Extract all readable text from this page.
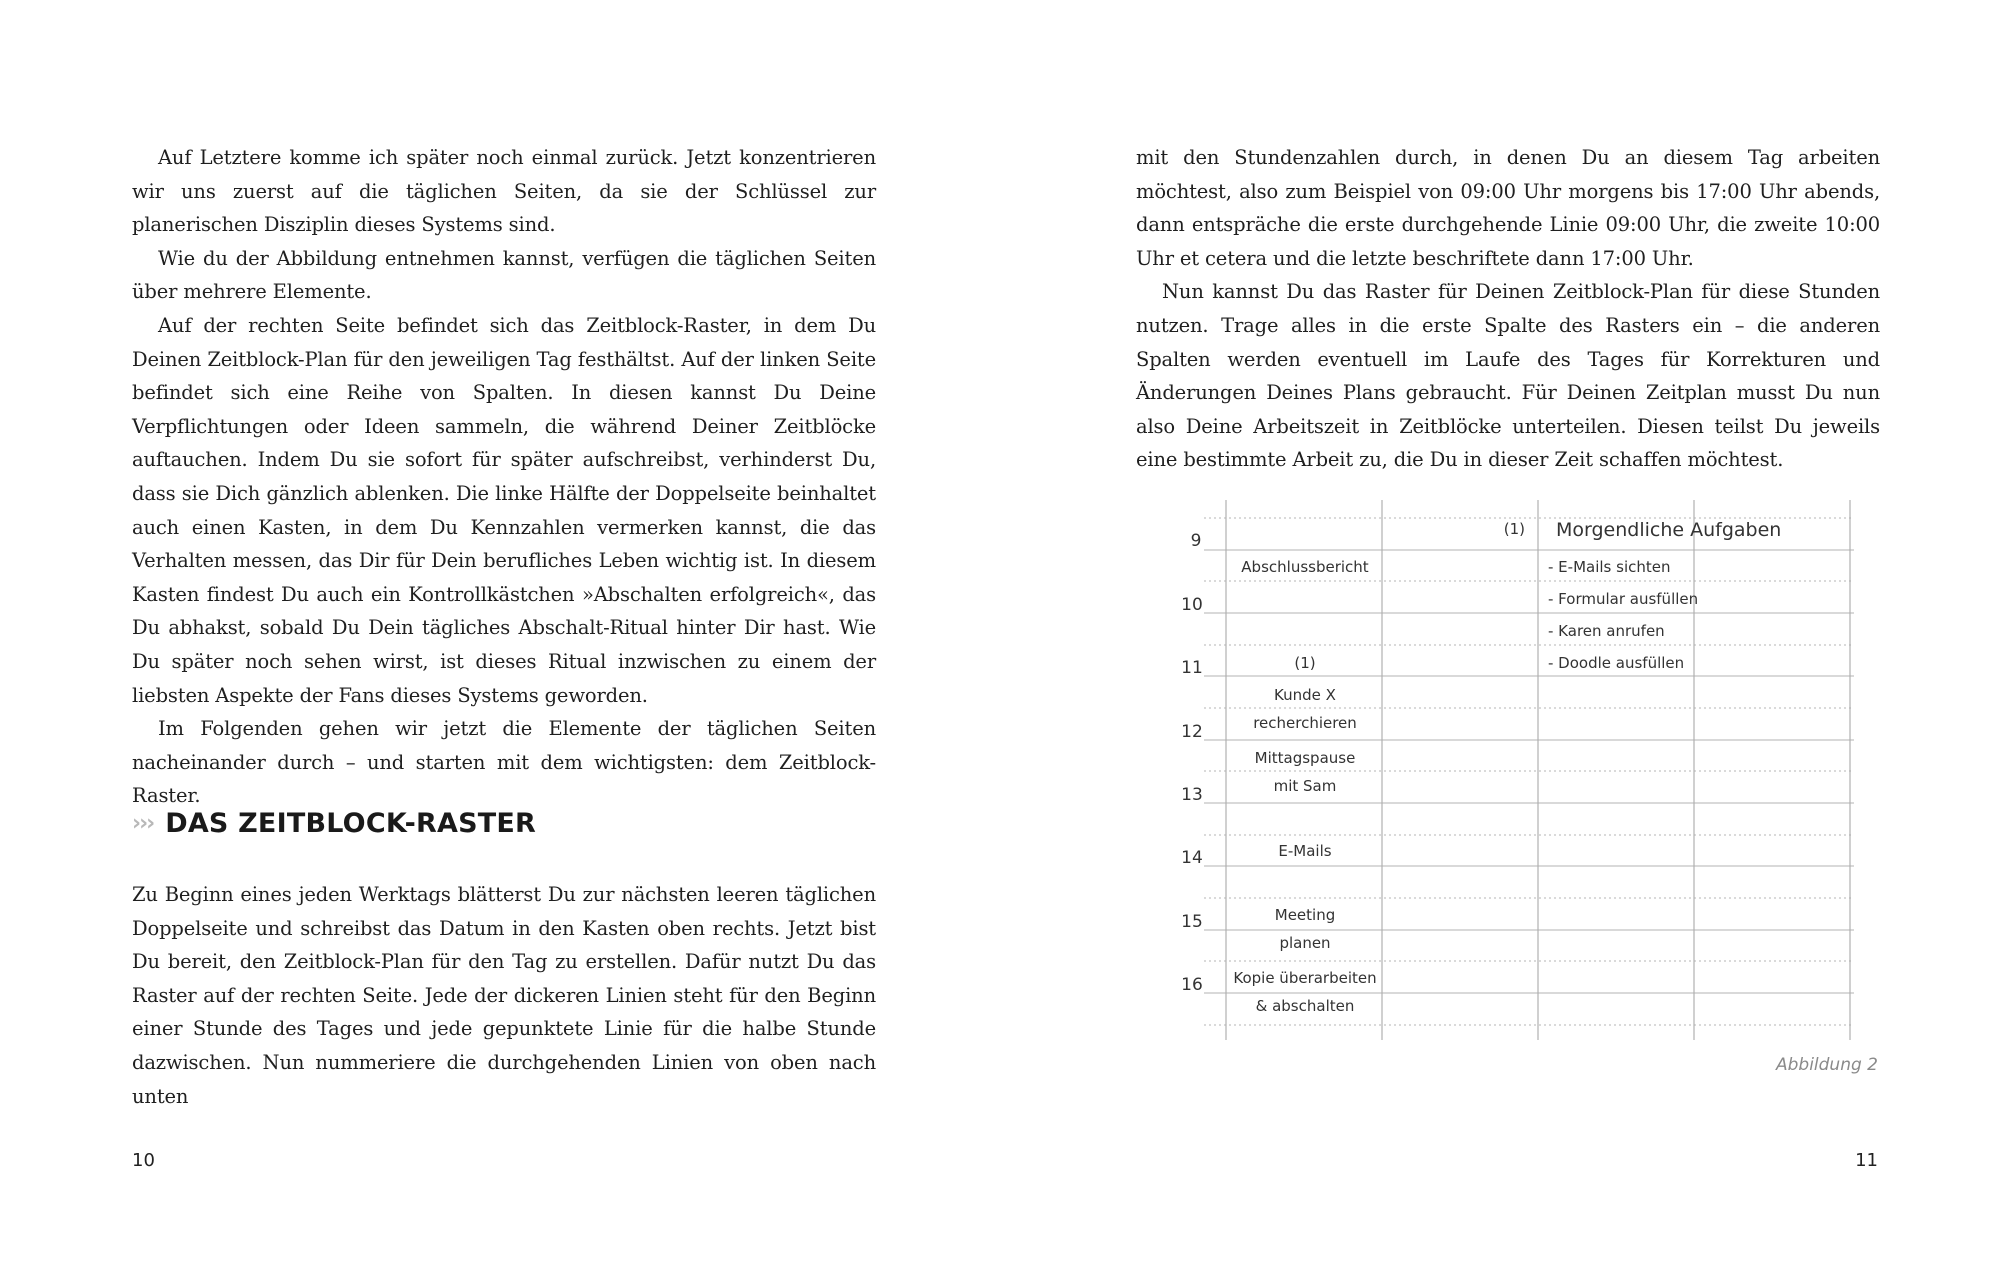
Auf Letztere komme ich später noch einmal zurück. Jetzt konzentrieren wir uns zuerst auf die täglichen Seiten, da sie der Schlüssel zur planerischen Disziplin dieses Systems sind.

Wie du der Abbildung entnehmen kannst, verfügen die täglichen Seiten über mehrere Elemente.

Auf der rechten Seite befindet sich das Zeitblock-Raster, in dem Du Deinen Zeitblock-Plan für den jeweiligen Tag festhältst. Auf der linken Seite befindet sich eine Reihe von Spalten. In diesen kannst Du Deine Verpflichtungen oder Ideen sammeln, die während Deiner Zeitblöcke auftauchen. Indem Du sie sofort für später aufschreibst, verhinderst Du, dass sie Dich gänzlich ablenken. Die linke Hälfte der Doppelseite beinhaltet auch einen Kasten, in dem Du Kennzahlen vermerken kannst, die das Verhalten messen, das Dir für Dein berufliches Leben wichtig ist. In diesem Kasten findest Du auch ein Kontrollkästchen »Abschalten erfolgreich«, das Du abhakst, sobald Du Dein tägliches Abschalt-Ritual hinter Dir hast. Wie Du später noch sehen wirst, ist dieses Ritual inzwischen zu einem der liebsten Aspekte der Fans dieses Systems geworden.

Im Folgenden gehen wir jetzt die Elemente der täglichen Seiten nacheinander durch – und starten mit dem wichtigsten: dem Zeitblock-Raster.

››› DAS ZEITBLOCK-RASTER

Zu Beginn eines jeden Werktags blätterst Du zur nächsten leeren täglichen Doppelseite und schreibst das Datum in den Kasten oben rechts. Jetzt bist Du bereit, den Zeitblock-Plan für den Tag zu erstellen. Dafür nutzt Du das Raster auf der rechten Seite. Jede der dickeren Linien steht für den Beginn einer Stunde des Tages und jede gepunktete Linie für die halbe Stunde dazwischen. Nun nummeriere die durchgehenden Linien von oben nach unten

10

mit den Stundenzahlen durch, in denen Du an diesem Tag arbeiten möchtest, also zum Beispiel von 09:00 Uhr morgens bis 17:00 Uhr abends, dann entspräche die erste durchgehende Linie 09:00 Uhr, die zweite 10:00 Uhr et cetera und die letzte beschriftete dann 17:00 Uhr.

Nun kannst Du das Raster für Deinen Zeitblock-Plan für diese Stunden nutzen. Trage alles in die erste Spalte des Rasters ein – die anderen Spalten werden eventuell im Laufe des Tages für Korrekturen und Änderungen Deines Plans gebraucht. Für Deinen Zeitplan musst Du nun also Deine Arbeitszeit in Zeitblöcke unterteilen. Diesen teilst Du jeweils eine bestimmte Arbeit zu, die Du in dieser Zeit schaffen möchtest.

11
9
10
11
12
13
14
15
16
Abschlussbericht
(1)
Kunde X
recherchieren
Mittagspause
mit Sam
E-Mails
Meeting
planen
Kopie überarbeiten
& abschalten
(1) Morgendliche Aufgaben
- E-Mails sichten
- Formular ausfüllen
- Karen anrufen
- Doodle ausfüllen
Abbildung 2
